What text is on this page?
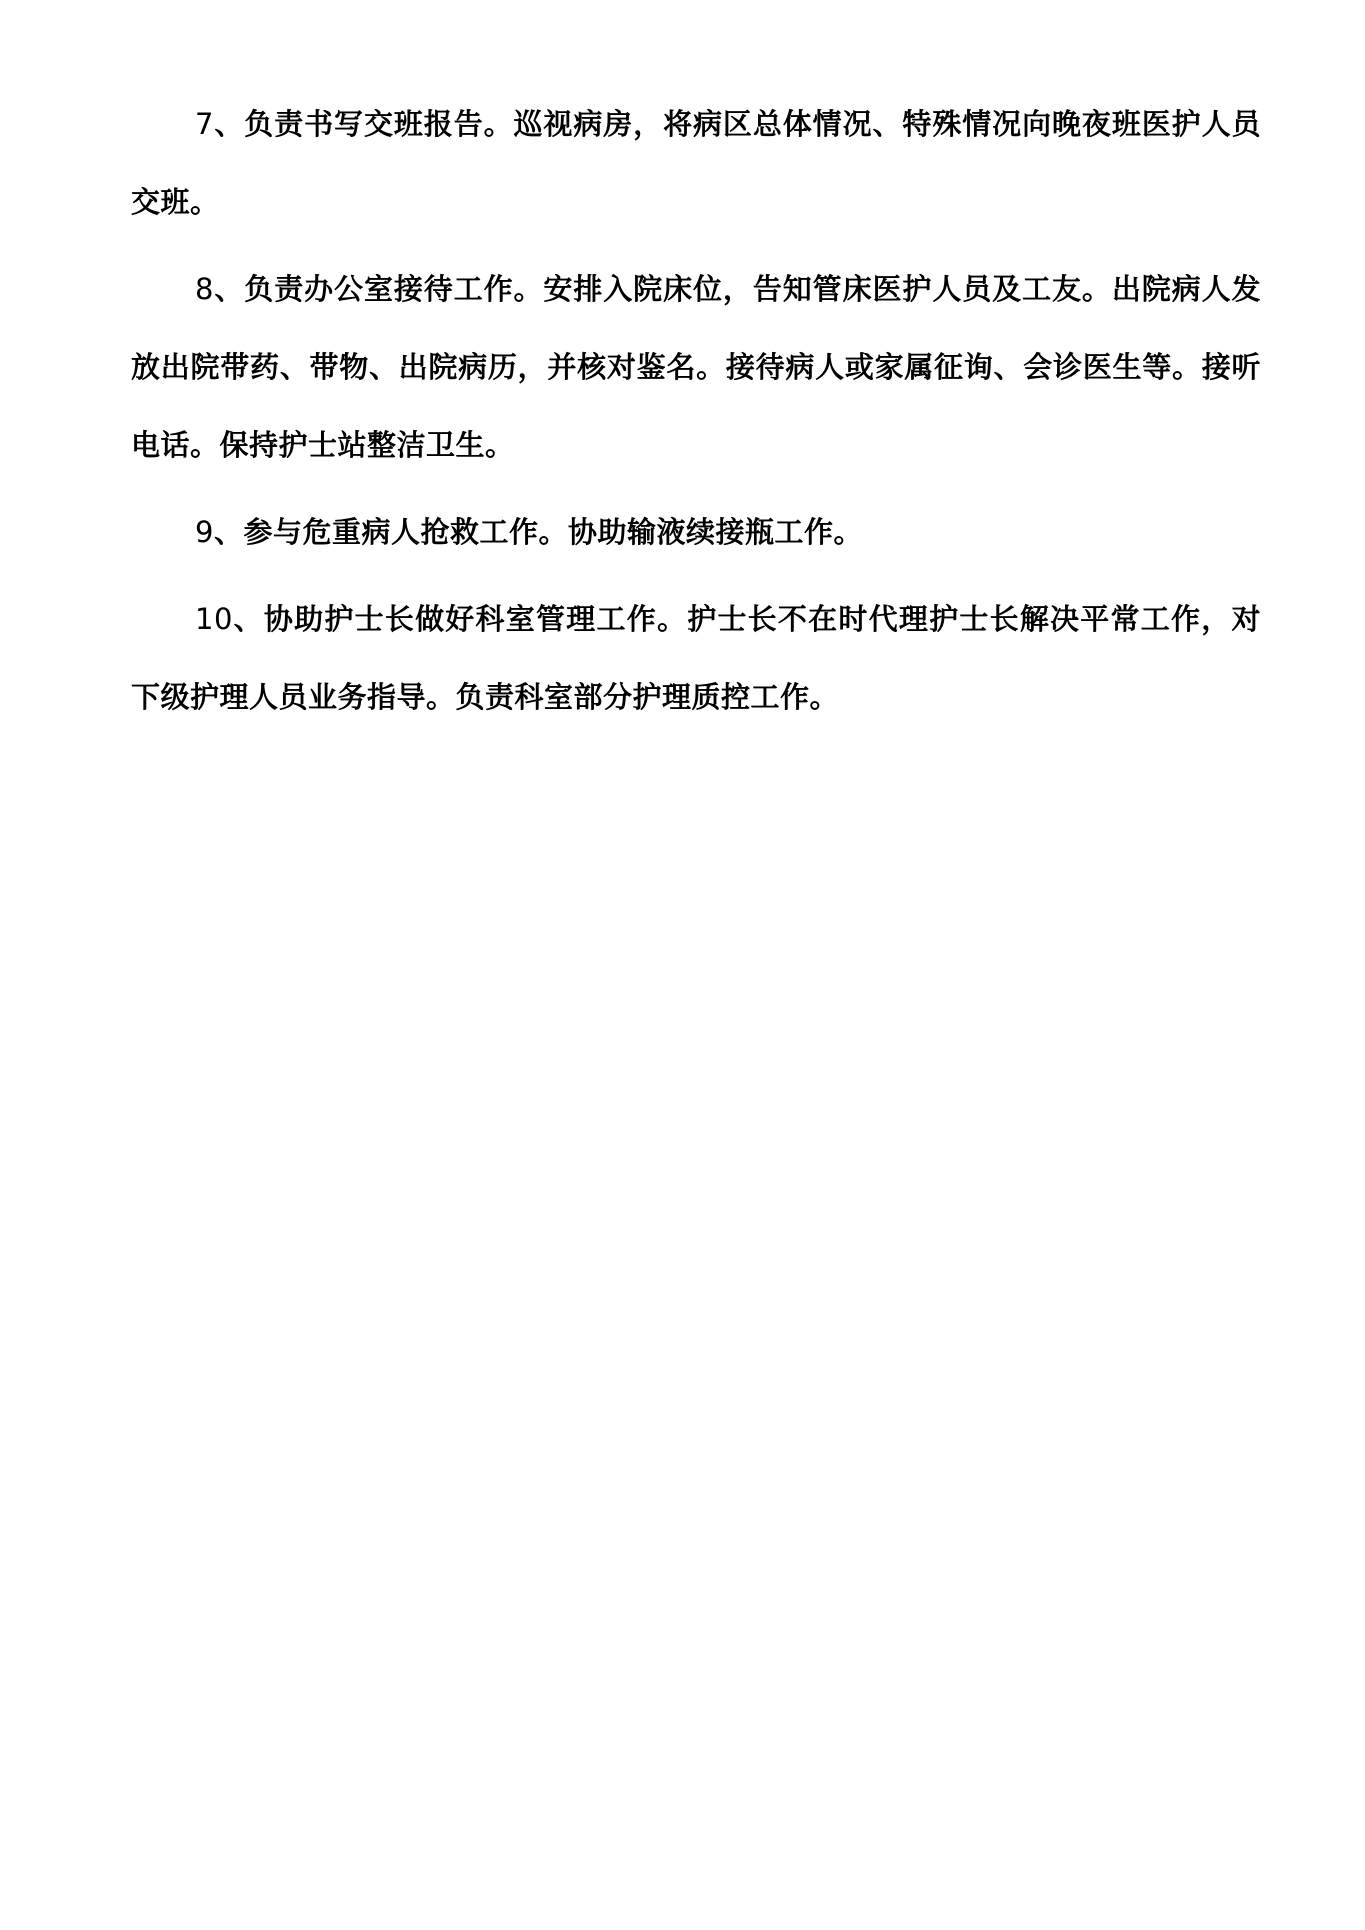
7、负责书写交班报告。巡视病房，将病区总体情况、特殊情况向晚夜班医护人员交班。

8、负责办公室接待工作。安排入院床位，告知管床医护人员及工友。出院病人发放出院带药、带物、出院病历，并核对鉴名。接待病人或家属征询、会诊医生等。接听电话。保持护士站整洁卫生。

9、参与危重病人抢救工作。协助输液续接瓶工作。

10、协助护士长做好科室管理工作。护士长不在时代理护士长解决平常工作，对下级护理人员业务指导。负责科室部分护理质控工作。
